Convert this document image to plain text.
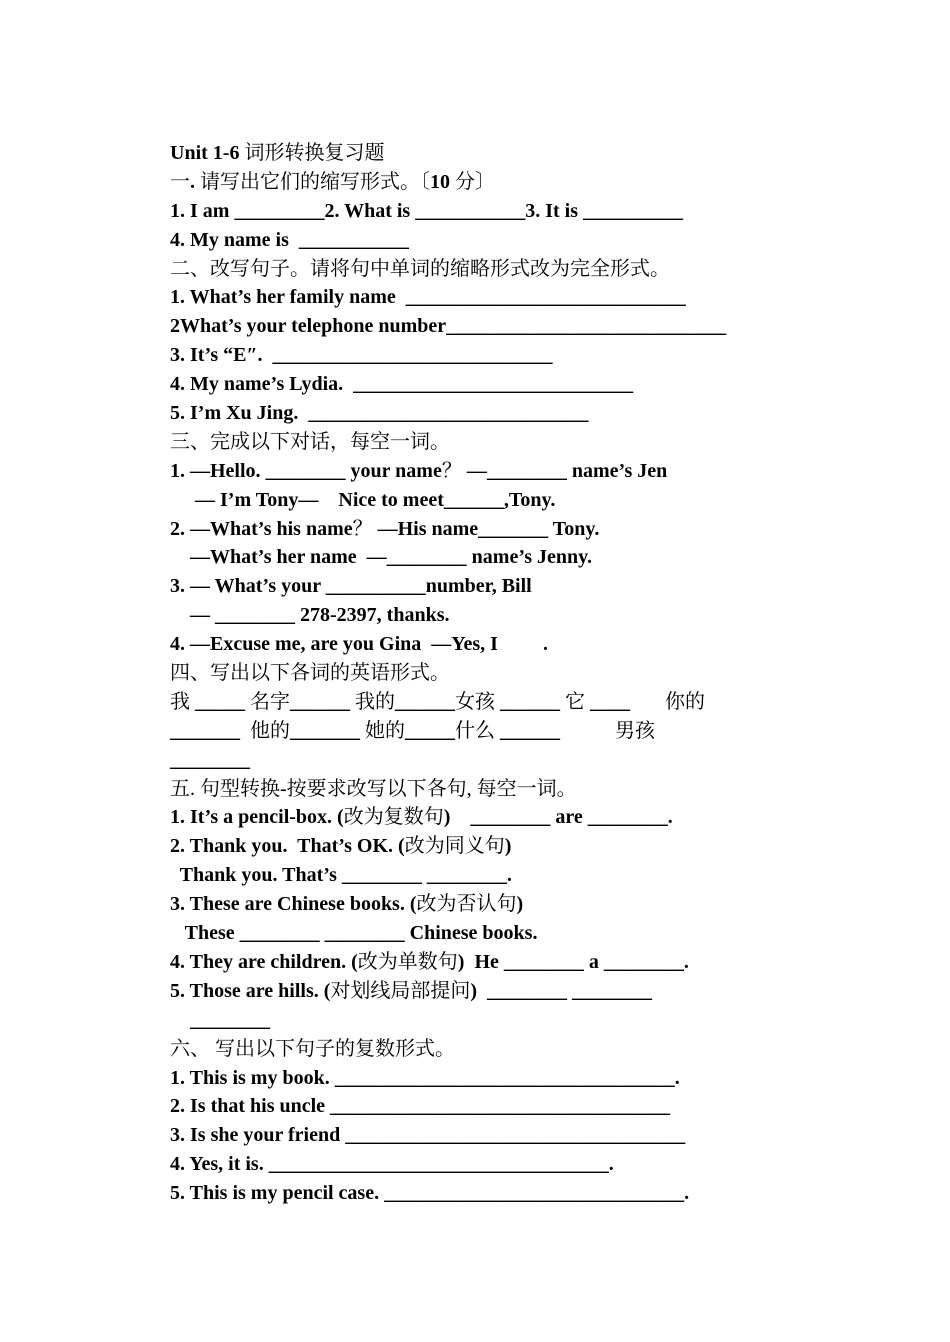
Unit 1-6 词形转换复习题
一. 请写出它们的缩写形式。〔10 分〕
1. I am _________2. What is ___________3. It is __________
4. My name is  ___________
二、改写句子。请将句中单词的缩略形式改为完全形式。
1. What’s her family name  ____________________________
2What’s your telephone number____________________________
3. It’s “E″.  ____________________________
4. My name’s Lydia.  ____________________________
5. I’m Xu Jing.  ____________________________
三、完成以下对话，每空一词。
1. —Hello. ________ your name？ —________ name’s Jen
— I’m Tony—    Nice to meet______,Tony.
2. —What’s his name？ —His name_______ Tony.
—What’s her name  —________ name’s Jenny.
3. — What’s your __________number, Bill
— ________ 278-2397, thanks.
4. —Excuse me, are you Gina  —Yes, I         .
四、写出以下各词的英语形式。
我 _____ 名字______ 我的______女孩 ______ 它 ____       你的
_______  他的_______ 她的_____什么 ______           男孩
________
五. 句型转换-按要求改写以下各句, 每空一词。
1. It’s a pencil-box. (改为复数句)    ________ are ________.
2. Thank you.  That’s OK. (改为同义句)
Thank you. That’s ________ ________.
3. These are Chinese books. (改为否认句)
These ________ ________ Chinese books.
4. They are children. (改为单数句)  He ________ a ________.
5. Those are hills. (对划线局部提问)  ________ ________
________
六、 写出以下句子的复数形式。
1. This is my book. __________________________________.
2. Is that his uncle __________________________________
3. Is she your friend __________________________________
4. Yes, it is. __________________________________.
5. This is my pencil case. ______________________________.
